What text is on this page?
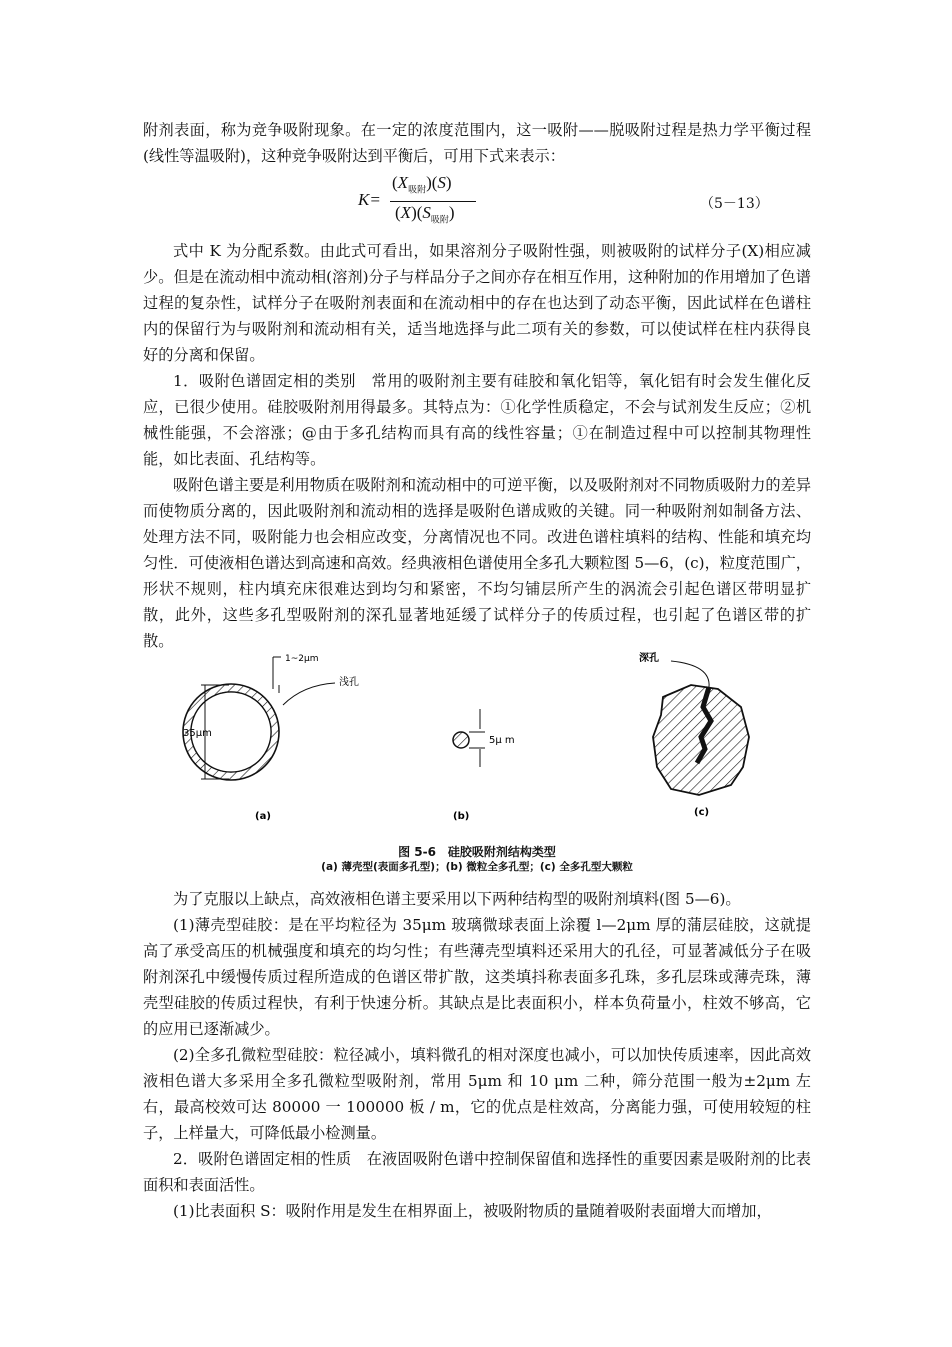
附剂表面，称为竞争吸附现象。在一定的浓度范围内，这一吸附——脱吸附过程是热力学平衡过程(线性等温吸附)，这种竞争吸附达到平衡后，可用下式来表示：

K=
$(X_{吸附})(S)$
$(X)(S_{吸附})$	（5－13）

式中 K 为分配系数。由此式可看出，如果溶剂分子吸附性强，则被吸附的试样分子(X)相应减少。但是在流动相中流动相(溶剂)分子与样品分子之间亦存在相互作用，这种附加的作用增加了色谱过程的复杂性，试样分子在吸附剂表面和在流动相中的存在也达到了动态平衡，因此试样在色谱柱内的保留行为与吸附剂和流动相有关，适当地选择与此二项有关的参数，可以使试样在柱内获得良好的分离和保留。

1．吸附色谱固定相的类别　常用的吸附剂主要有硅胶和氧化铝等，氧化铝有时会发生催化反应，已很少使用。硅胶吸附剂用得最多。其特点为：①化学性质稳定，不会与试剂发生反应；②机械性能强，不会溶涨；@由于多孔结构而具有高的线性容量；①在制造过程中可以控制其物理性能，如比表面、孔结构等。

吸附色谱主要是利用物质在吸附剂和流动相中的可逆平衡，以及吸附剂对不同物质吸附力的差异而使物质分离的，因此吸附剂和流动相的选择是吸附色谱成败的关键。同一种吸附剂如制备方法、处理方法不同，吸附能力也会相应改变，分离情况也不同。改进色谱柱填料的结构、性能和填充均匀性．可使液相色谱达到高速和高效。经典液相色谱使用全多孔大颗粒图 5—6，(c)，粒度范围广，形状不规则，柱内填充床很难达到均匀和紧密，不均匀铺层所产生的涡流会引起色谱区带明显扩散，此外，这些多孔型吸附剂的深孔显著地延缓了试样分子的传质过程，也引起了色谱区带的扩散。

35μm
1~2μm
浅孔
(a)
5μ m
(b)
深孔
(c)
图 5-6　硅胶吸附剂结构类型
(a) 薄壳型(表面多孔型)；(b) 微粒全多孔型；(c) 全多孔型大颗粒

为了克服以上缺点，高效液相色谱主要采用以下两种结构型的吸附剂填料(图 5—6)。

(1)薄壳型硅胶：是在平均粒径为 35μm 玻璃微球表面上涂覆 l—2μm 厚的蒲层硅胶，这就提高了承受高压的机械强度和填充的均匀性；有些薄壳型填料还采用大的孔径，可显著减低分子在吸附剂深孔中缓慢传质过程所造成的色谱区带扩散，这类填抖称表面多孔珠，多孔层珠或薄壳珠，薄壳型硅胶的传质过程快，有利于快速分析。其缺点是比表面积小，样本负荷量小，柱效不够高，它的应用已逐渐减少。

(2)全多孔微粒型硅胶：粒径减小，填料微孔的相对深度也减小，可以加快传质速率，因此高效液相色谱大多采用全多孔微粒型吸附剂，常用 5μm 和 10 μm 二种，筛分范围一般为±2μm 左右，最高校效可达 80000 一 100000 板 / m，它的优点是柱效高，分离能力强，可使用较短的柱子，上样量大，可降低最小检测量。

2．吸附色谱固定相的性质　在液固吸附色谱中控制保留值和选择性的重要因素是吸附剂的比表面积和表面活性。

(1)比表面积 S：吸附作用是发生在相界面上，被吸附物质的量随着吸附表面增大而增加，
